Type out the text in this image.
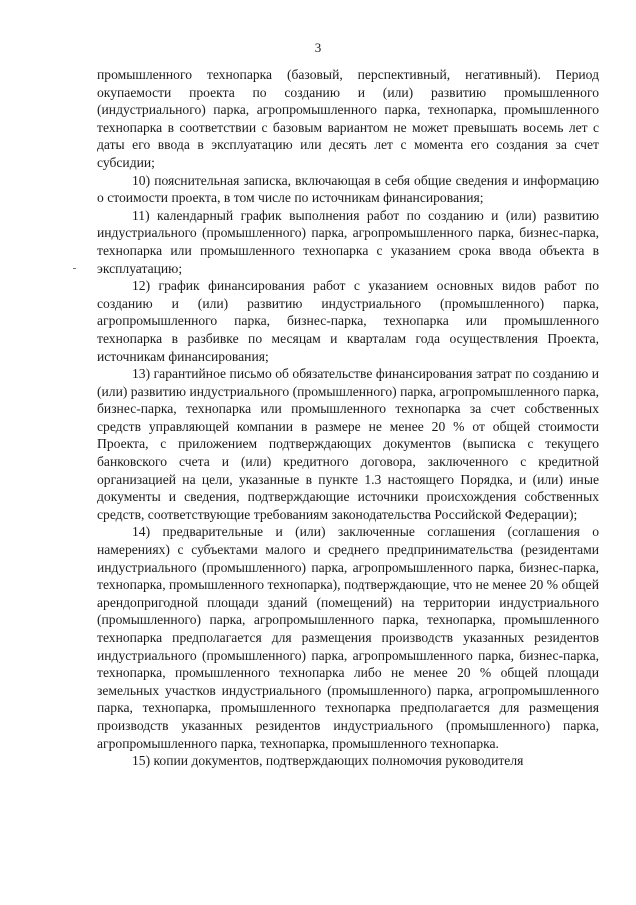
3

промышленного технопарка (базовый, перспективный, негативный). Период окупаемости проекта по созданию и (или) развитию промышленного (индустриального) парка, агропромышленного парка, технопарка, промышленного технопарка в соответствии с базовым вариантом не может превышать восемь лет с даты его ввода в эксплуатацию или десять лет с момента его создания за счет субсидии;

10) пояснительная записка, включающая в себя общие сведения и информацию о стоимости проекта, в том числе по источникам финансирования;

11) календарный график выполнения работ по созданию и (или) развитию индустриального (промышленного) парка, агропромышленного парка, бизнес-парка, технопарка или промышленного технопарка с указанием срока ввода объекта в эксплуатацию;

12) график финансирования работ с указанием основных видов работ по созданию и (или) развитию индустриального (промышленного) парка, агропромышленного парка, бизнес-парка, технопарка или промышленного технопарка в разбивке по месяцам и кварталам года осуществления Проекта, источникам финансирования;

13) гарантийное письмо об обязательстве финансирования затрат по созданию и (или) развитию индустриального (промышленного) парка, агропромышленного парка, бизнес-парка, технопарка или промышленного технопарка за счет собственных средств управляющей компании в размере не менее 20 % от общей стоимости Проекта, с приложением подтверждающих документов (выписка с текущего банковского счета и (или) кредитного договора, заключенного с кредитной организацией на цели, указанные в пункте 1.3 настоящего Порядка, и (или) иные документы и сведения, подтверждающие источники происхождения собственных средств, соответствующие требованиям законодательства Российской Федерации);

14) предварительные и (или) заключенные соглашения (соглашения о намерениях) с субъектами малого и среднего предпринимательства (резидентами индустриального (промышленного) парка, агропромышленного парка, бизнес-парка, технопарка, промышленного технопарка), подтверждающие, что не менее 20 % общей арендопригодной площади зданий (помещений) на территории индустриального (промышленного) парка, агропромышленного парка, технопарка, промышленного технопарка предполагается для размещения производств указанных резидентов индустриального (промышленного) парка, агропромышленного парка, бизнес-парка, технопарка, промышленного технопарка либо не менее 20 % общей площади земельных участков индустриального (промышленного) парка, агропромышленного парка, технопарка, промышленного технопарка предполагается для размещения производств указанных резидентов индустриального (промышленного) парка, агропромышленного парка, технопарка, промышленного технопарка.

15) копии документов, подтверждающих полномочия руководителя
